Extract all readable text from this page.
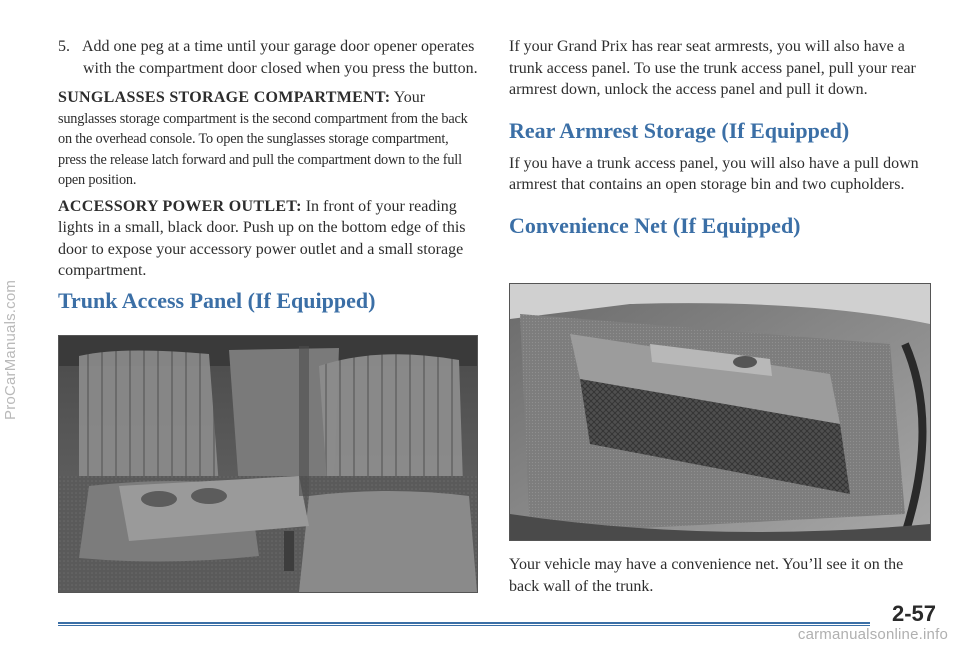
ProCarManuals.com

5. Add one peg at a time until your garage door opener operates with the compartment door closed when you press the button.

SUNGLASSES STORAGE COMPARTMENT: Your

sunglasses storage compartment is the second compartment from the back on the overhead console. To open the sunglasses storage compartment, press the release latch forward and pull the compartment down to the full open position.

ACCESSORY POWER OUTLET: In front of your reading lights in a small, black door. Push up on the bottom edge of this door to expose your accessory power outlet and a small storage compartment.

Trunk Access Panel (If Equipped)

If your Grand Prix has rear seat armrests, you will also have a trunk access panel. To use the trunk access panel, pull your rear armrest down, unlock the access panel and pull it down.

Rear Armrest Storage (If Equipped)

If you have a trunk access panel, you will also have a pull down armrest that contains an open storage bin and two cupholders.

Convenience Net (If Equipped)

Your vehicle may have a convenience net. You’ll see it on the back wall of the trunk.

2-57
carmanualsonline.info
